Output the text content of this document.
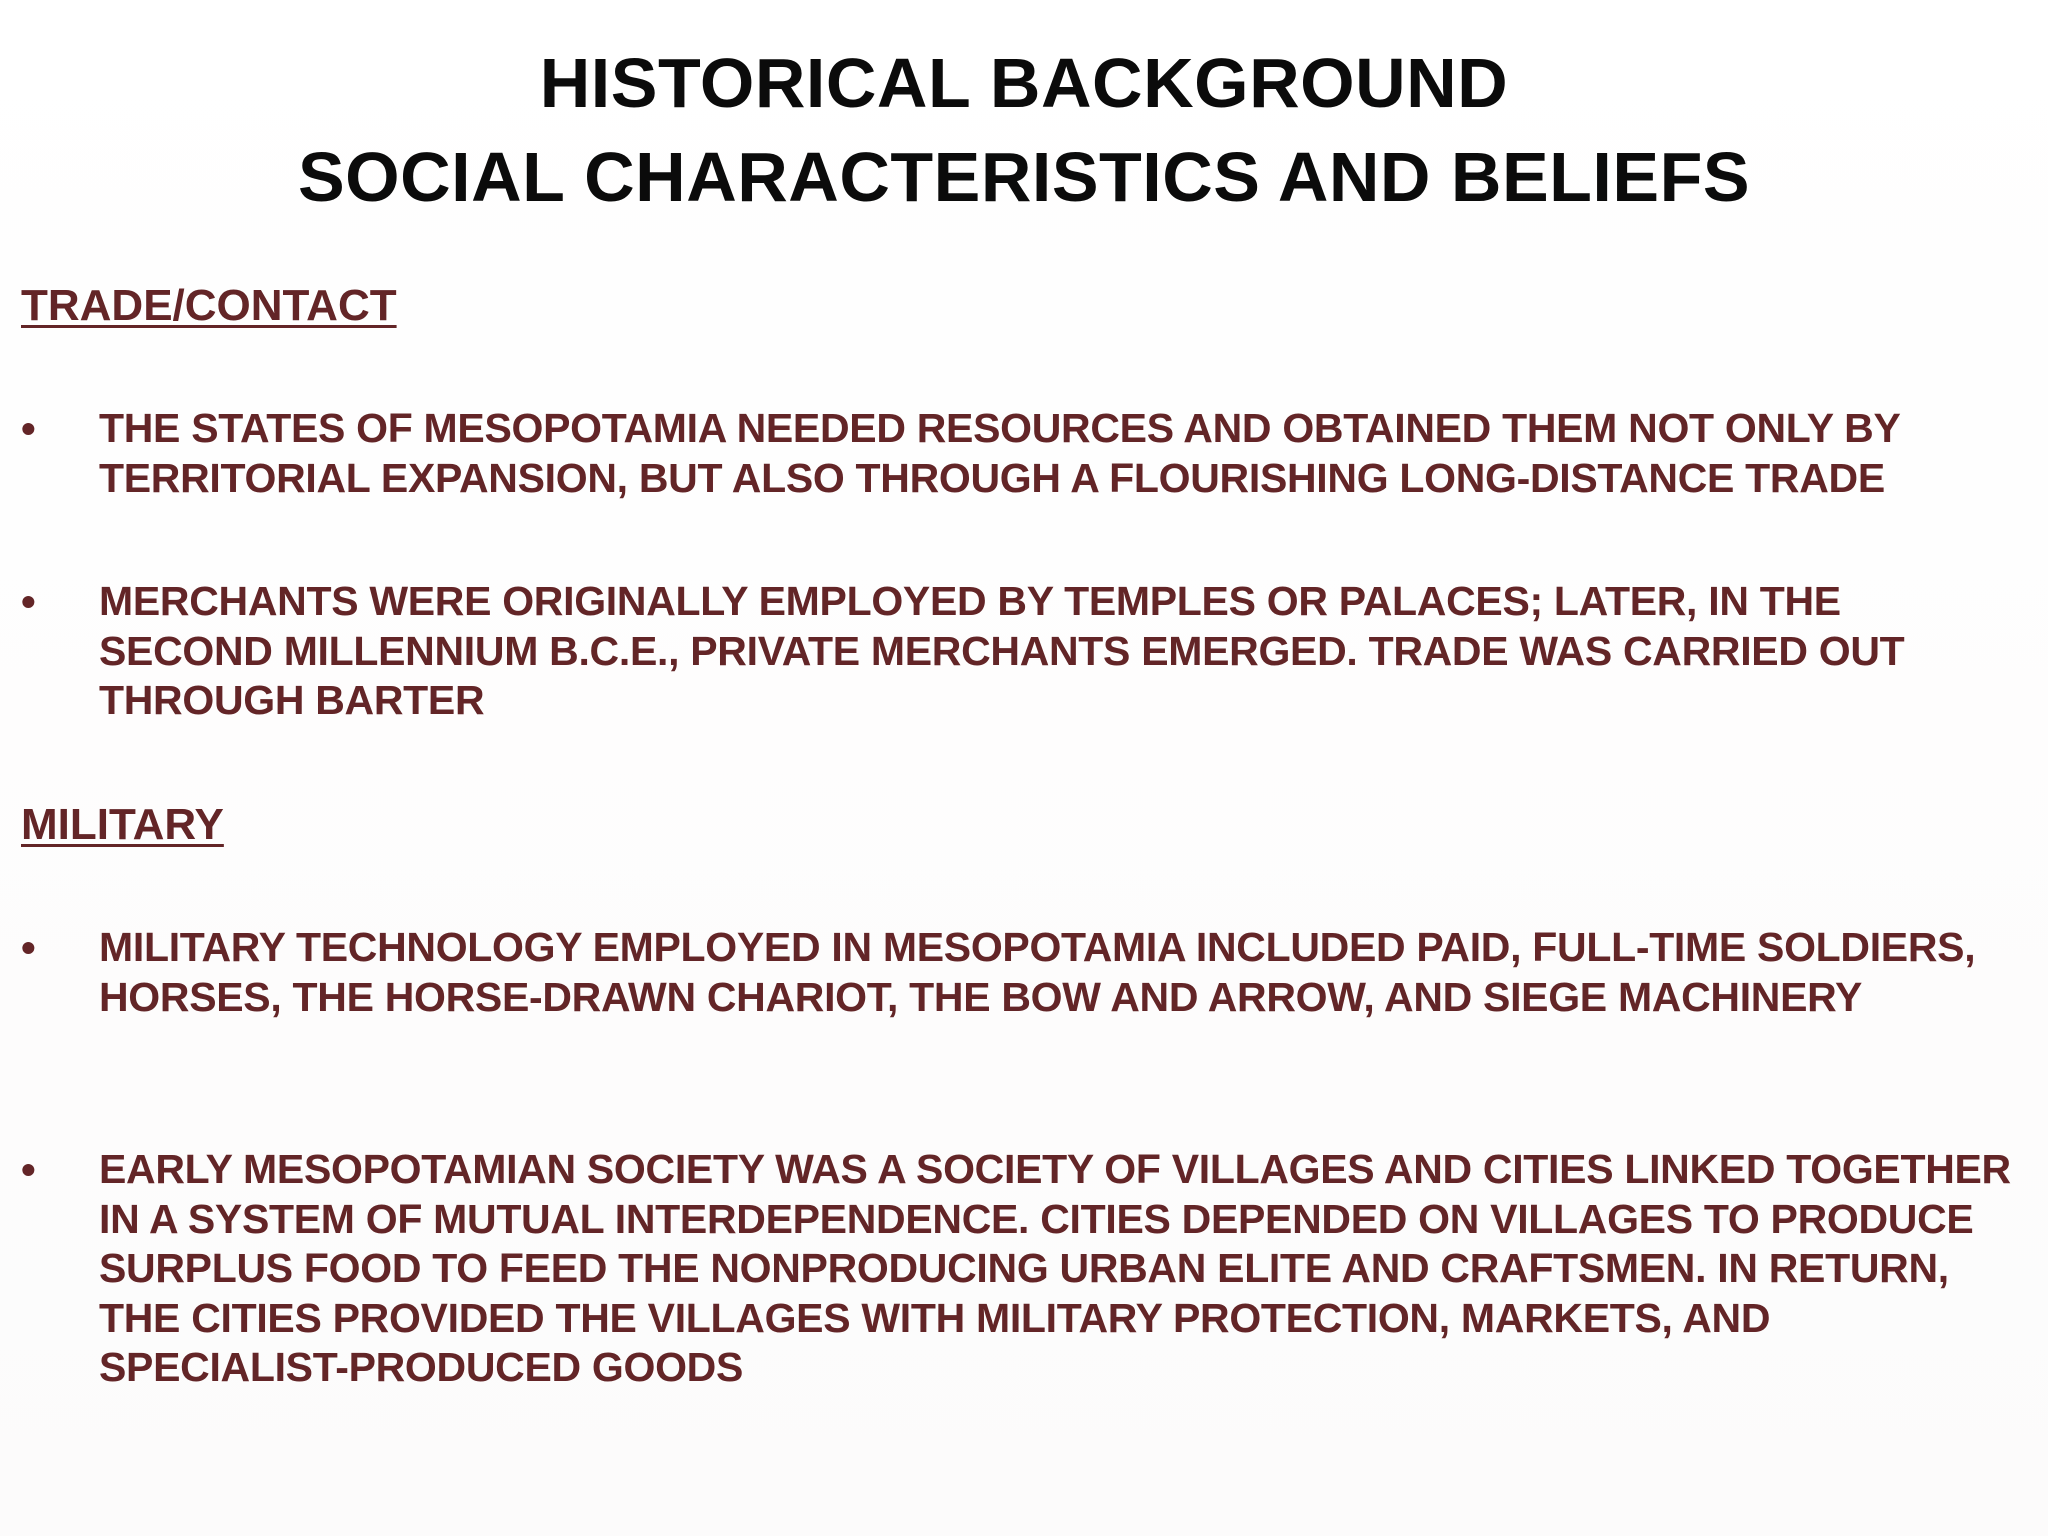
HISTORICAL BACKGROUND
SOCIAL CHARACTERISTICS AND BELIEFS
TRADE/CONTACT
• THE STATES OF MESOPOTAMIA NEEDED RESOURCES AND OBTAINED THEM NOT ONLY BY TERRITORIAL EXPANSION, BUT ALSO THROUGH A FLOURISHING LONG-DISTANCE TRADE
• MERCHANTS WERE ORIGINALLY EMPLOYED BY TEMPLES OR PALACES; LATER, IN THE SECOND MILLENNIUM B.C.E., PRIVATE MERCHANTS EMERGED. TRADE WAS CARRIED OUT THROUGH BARTER
MILITARY
• MILITARY TECHNOLOGY EMPLOYED IN MESOPOTAMIA INCLUDED PAID, FULL-TIME SOLDIERS, HORSES, THE HORSE-DRAWN CHARIOT, THE BOW AND ARROW, AND SIEGE MACHINERY
• EARLY MESOPOTAMIAN SOCIETY WAS A SOCIETY OF VILLAGES AND CITIES LINKED TOGETHER IN A SYSTEM OF MUTUAL INTERDEPENDENCE. CITIES DEPENDED ON VILLAGES TO PRODUCE SURPLUS FOOD TO FEED THE NONPRODUCING URBAN ELITE AND CRAFTSMEN. IN RETURN, THE CITIES PROVIDED THE VILLAGES WITH MILITARY PROTECTION, MARKETS, AND SPECIALIST-PRODUCED GOODS
